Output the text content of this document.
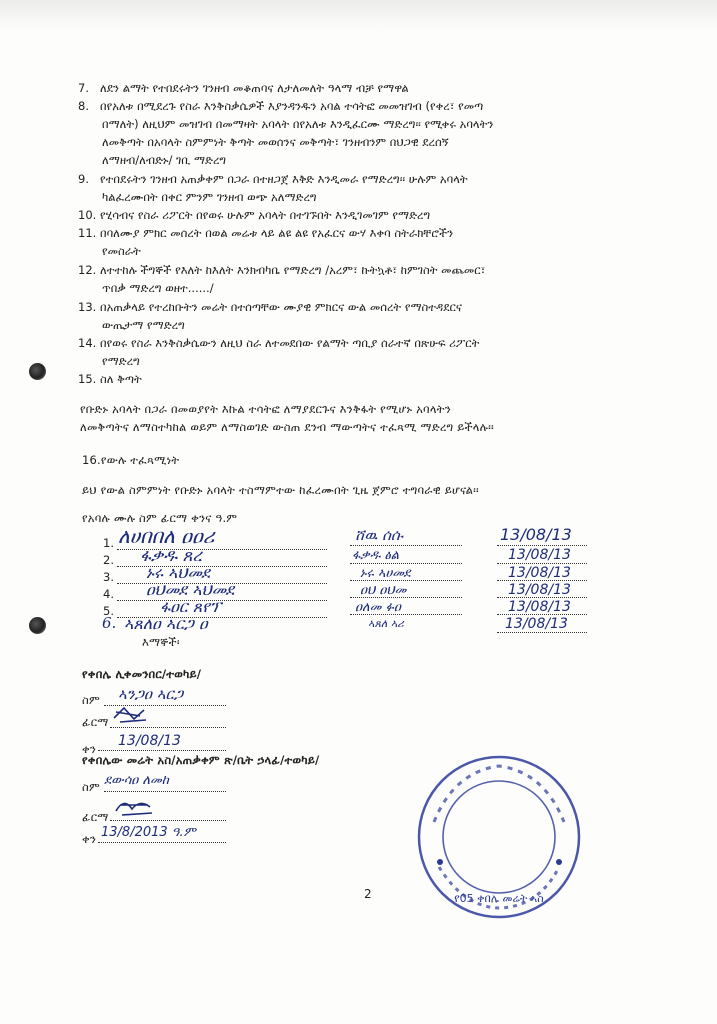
7. ለደን ልማት የተበደሩትን ገንዘብ መቆጠባና ለታለመለት ዓላማ ብቻ የማዋል
8. በየአለቱ በሚደረጉ የስራ እንቅስቃሴዎች እያንዳንዱን አባል ተሳትፎ መመዝገብ (የቀረ፣ የመጣ
በማለት) ለዚህም መዝገብ በመማዛት አባላት በየአለቱ እንዲፈርሙ ማድረግ፡፡ የሚቀሩ አባላትን
ለመቅጣት በአባላት ስምምነት ቅጣት መወሰንና መቅጣት፣ ገንዘብንም በህጋዊ ደረሰኝ
ለማዘብ/ለብድኑ/ ገቢ ማድረግ
9. የተበደሩትን ገንዘብ አጠቃቀም በጋራ በተዘጋጀ እቅድ እንዲመራ የማድረግ፡፡ ሁሉም አባላት
ካልፈረሙበት በቀር ምንም ገንዘብ ወጭ አለማድረግ
10. የሂሳብና የስራ ሪፖርት በየወሩ ሁሉም አባላት በተገኙበት እንዲገመገም የማድረግ
11. በባለሙያ ምክር መሰረት በወል መሬቱ ላይ ልዩ ልዩ የአፈርና ውሃ እቀባ ስትራክቸሮችን
የመስራት
12. ለተተከሉ ችግኞች የእለት ከእለት እንክብካቤ የማድረግ /አረም፣ ኩትኳቶ፣ ከምገስት መጨመር፣
ጥበቃ ማድረግ ወዘተ....../
13. በአጠቃላይ የተረከቡትን መሬት በተሰጣቸው ሙያዊ ምክርና ውል መሰረት የማስተዳደርና
ውጤታማ የማድረግ
14. በየወሩ የስራ እንቅስቃሴውን ለዚህ ስራ ለተመደበው የልማት ጣቢያ ሰራተኛ በጽሁፍ ሪፖርት
የማድረግ
15. ስለ ቅጣት
የቡድኑ አባላት በጋራ በመወያየት እኩል ተሳትፎ ለማያደርጉና እንቅፋት የሚሆኑ አባላትን
ለመቅጣትና ለማስተካከል ወይም ለማስወገድ ውስጠ ደንብ ማውጣትና ተፈጻሚ ማድረግ ይችላሉ፡፡
16.የውሉ ተፈጻሚነት
ይህ የውል ስምምነት የቡድኑ አባላት ተስማምተው ከፈረሙበት ጊዜ ጀምሮ ተግባራዊ ይሆናል፡፡
የአባሉ ሙሉ ስም ፊርማ ቀንና ዓ.ም
1. ለሀበበለ ዐዐሪ	ሸዉ ሰሱ	13/08/13
2. ፋቃዱ ጸረ	ፋቃዱ ፅል	13/08/13
3. ኑሩ ኣህመደ	ኑሩ ኣሀመደ	13/08/13
4. ዐህመደ ኣህመደ	ዐህ ዐህመ	13/08/13
5.	ፋዐር ጸየፕ	ዐለመ ፉዐ	13/08/13
6. ኣጸለዐ ኣርጋ ዐ	ኣጸለ ኣሪ	13/08/13
እማኞች፡
የቀበሌ ሊቀመንበር/ተወካይ/
ስም ኣንጋዐ ኣርጋ
ፊርማ
ቀን 13/08/13
የቀበሌው መሬት አስ/አጠቃቀም ጽ/ቤት ኃላፊ/ተወካይ/
ስም ደውሳዐ ለመከ
ፊርማ
ቀን 13/8/2013 ዓ.ም
የ05 ቀበሌ መሬት ኣስ
2
